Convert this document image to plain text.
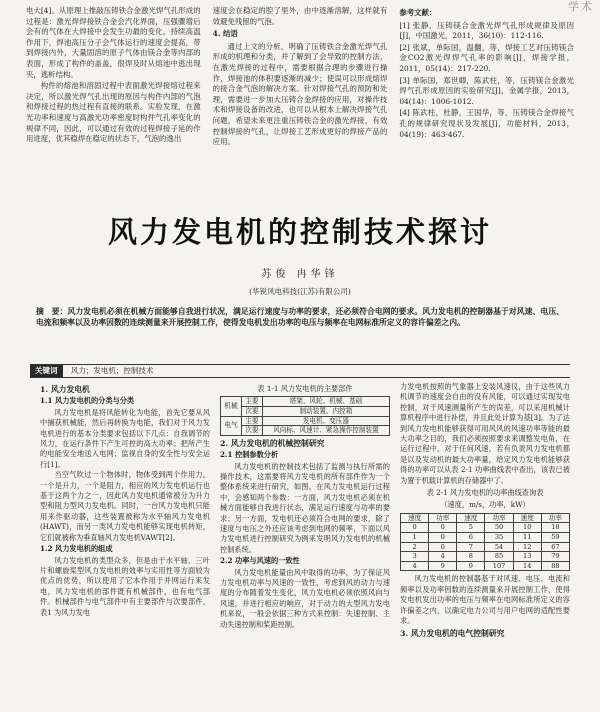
学术

电大[4]。从原理上推敲压铸铁合金激光焊气孔形成的过程是：激光焊焊接铁合金会汽化界面，压强骤增后会有的气体在大焊接中会发生功最的变化，持续高温作用下，焊池高压分子会气体运行的速度会提高，带到焊接内外，大量固溶的原子气体由镁合金等内部的表面，形成了构件的盖盖，很焊及时从熔池中逃出现夹，逃析结构。

构件的熔池和溶固过程中表面激光焊接熔过程来决定，所以激光焊气孔出现的原因与构件内部的气泡和焊接过程的热过程有直接的联系。实验发现，在激光功率和速度与高激光功率密度时构件气孔率变化的规律不同，因此，可以通过有效的过程焊接子延的作用进度，优其稳焊在稳定的状态下，气泡的逸出

速度会在稳定的腔了里外，由中逐渐溶解，这样就有效避免残留的气泡。

4. 结语

通过上文的分析，明确了压铸铁合金激光焊气孔形成的机理和分类，并了解到了会导致的控制方法，在激光焊接的过程中，需要根据合理的步骤进行操作，焊接池的体积要逐渐的减少；使误可以形成熔焊的接合金气泡的解决方案。针对焊接气孔的预防和处理，需要进一步加大压铸合金焊接的应用，对操作技术和焊接设备的改进，也可以从根本上解决焊接气孔问题，希望未来更注重压铸铁合金的激光焊接，有效控制焊接的气孔，让焊接工艺形成更好的焊接产品的应用。

参考文献：

[1] 张静，压铸镁合金激光焊气孔形成规律及原因[J]，中国激光，2011，36(10)：112-116.

[2] 张斌，单际国，温翻，等，焊接工艺对压铸镁合金CO2激光焊焊气孔率的影响[J]，焊接学报，2011，05(14)：217-220.

[3] 单际国，郑世卿，陈武柱，等，压铸镁合金激光焊气孔形成原因的实验研究[J]，金属学报，2013，04(14)：1006-1012.

[4] 陈武柱，杜静，王国华，等，压铸镁合金焊接气孔的规律研究现状及发展[J]，功能材料，2013，04(19)：463-467.

风力发电机的控制技术探讨
苏俊 冉华锋
(华锐风电科技(江苏)有限公司)
摘　要：风力发电机必须在机械方面能够自我进行状况，满足运行速度与功率的要求，还必须符合电网的要求。风力发电机的控制器基于对风速、电压、电流和频率以及功率因数的连续测量来开展控制工作，使得发电机发出功率的电压与频率在电网标准所定义的容许偏差之内。
关键词 风力；发电机；控制技术

1. 风力发电机

1.1 风力发电机的分类与分类

风力发电机是将风能转化为电能，首先它要从风中捕获机械能，然后再转换为电能，我们对于风力发电机进行的基本分类要求包括以下几点：自我调节的风力，在运行条件下产生可控的高大功率；把所产生的电能安全地送入电网；监视自身的安全性与安全运行[1]。

当空气吹过一个物体时，物体受到两个作用力，一个是升力，一个是阻力，相应的风力发电机运行也基于这两个力之一，因此风力发电机通常被分为升力型和阻力型风力发电机。同时，一台风力发电机只能用来作驱动器，这些装置被称为水平轴风力发电机(HAWT)，而另一类风力发电机能够实现电机转矩，它们就被称为垂直轴风力发电机VAWT[2]。

1.2 风力发电机的组成

风力发电机的类型众多，但是由于水平轴、三叶片和螺旋桨型风力发电机的效率与实用性等方面较为优点的优势，所以使用了它本作用于并网运行来发电，风力发电机的部件既有机械部件，也有电气部件。机械部件与电气部件中有主要部件与次要部件，表1 为风力发电

表 1-1 风力发电机的主要部件
机械	主要	塔架、风轮、机械、基础
	次要	制动装置、内控箱
电气	主要	发电机、变压器
	次要	风向标、风速计、紧急操作控制装置

2. 风力发电机的机械控制研究

2.1 控制参数分析

风力发电机的控制技术包括了监测与执行所需的操作技术，这需要将风力发电机的所有部件作为一个整体系统来进行研究，如图。在风力发电机运行过程中，会感知两个参数：一方面，风力发电机必须在机械方面能够自我进行状态，满足运行速度与功率的要求；另一方面，发电机还必须符合电网的要求，除了速度与电压之外还应该考虑到电网的频率，下面以风力发电机进行控制研究为例来发明风力发电机的机械控制系统。

2.2 功率与风速的一致性

风力发电机能量由风中取得的功率，为了保证风力发电机功率与风速的一致性，考虑到风的动力与速度的分布随着发生变化，风力发电机必须依照风向与风速，并进行相应的响应，对于动力的大型风力发电机来说，一般会依据三种方式来控制：失速控制、主动失速控制和桨距控制。

力发电机按照的气象器上安装风速仪，由于这些风力机调节的速度会自由的没有风能，可以通过实现发电控制，对于风速测量所产生的误差，可以采用机械计算机程序中进行补偿，并且此处计算为基[3]。为了达到风力发电机能够获得可用风风的风速功率等能的最大功率之目的，我们必须按照要求来调整发电角，在运行过程中，对于任何风速，若有负责风力发电机都是以及发动机的最大功率量，给定风力发电机能够获得的功率可以从表 2-1 功率曲线表中查出，该表已被为置于机载计算机的存储器中了。

表 2-1 风力发电机的功率曲线查询表
（速度，m/s，功率，kW）
速度	功率	速度	功率	速度	功率
0	0	5	50	10	18
1	0	6	35	11	59
2	0	7	54	12	67
3	4	8	85	13	79
4	9	9	107	14	88

风力发电机的控制器基于对风速、电压、电流和频率以及功率因数的连续测量来开展控制工作，使得发电机发出功率的电压与频率在电网标准所定义的容许偏差之内，以确定电力公司与用户电网的适配性要求。

3. 风力发电机的电气控制研究
